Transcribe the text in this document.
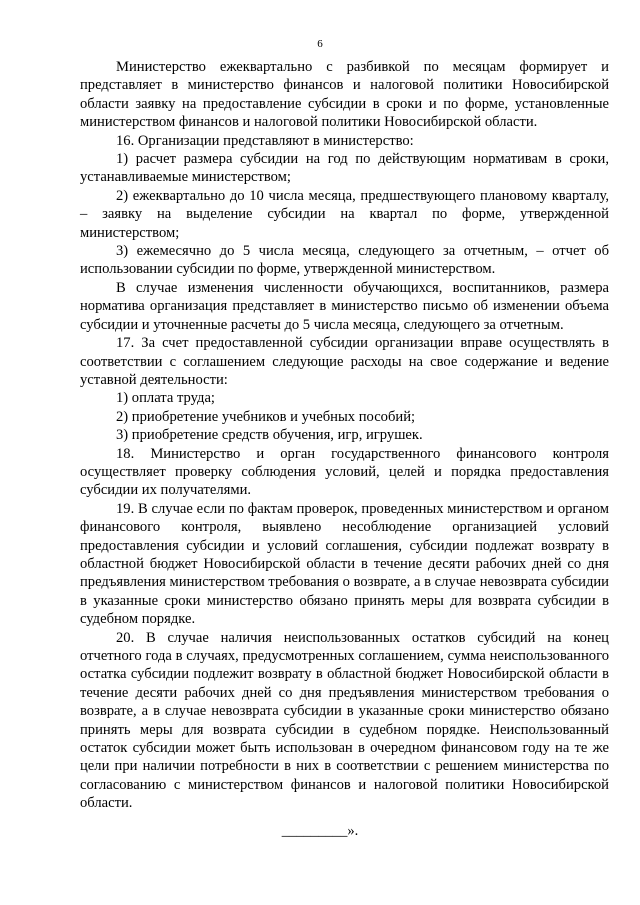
6

Министерство ежеквартально с разбивкой по месяцам формирует и представляет в министерство финансов и налоговой политики Новосибирской области заявку на предоставление субсидии в сроки и по форме, установленные министерством финансов и налоговой политики Новосибирской области.

16. Организации представляют в министерство:

1) расчет размера субсидии на год по действующим нормативам в сроки, устанавливаемые министерством;

2) ежеквартально до 10 числа месяца, предшествующего плановому кварталу, – заявку на выделение субсидии на квартал по форме, утвержденной министерством;

3) ежемесячно до 5 числа месяца, следующего за отчетным, – отчет об использовании субсидии по форме, утвержденной министерством.

В случае изменения численности обучающихся, воспитанников, размера норматива организация представляет в министерство письмо об изменении объема субсидии и уточненные расчеты до 5 числа месяца, следующего за отчетным.

17. За счет предоставленной субсидии организации вправе осуществлять в соответствии с соглашением следующие расходы на свое содержание и ведение уставной деятельности:

1) оплата труда;

2) приобретение учебников и учебных пособий;

3) приобретение средств обучения, игр, игрушек.

18. Министерство и орган государственного финансового контроля осуществляет проверку соблюдения условий, целей и порядка предоставления субсидии их получателями.

19. В случае если по фактам проверок, проведенных министерством и органом финансового контроля, выявлено несоблюдение организацией условий предоставления субсидии и условий соглашения, субсидии подлежат возврату в областной бюджет Новосибирской области в течение десяти рабочих дней со дня предъявления министерством требования о возврате, а в случае невозврата субсидии в указанные сроки министерство обязано принять меры для возврата субсидии в судебном порядке.

20. В случае наличия неиспользованных остатков субсидий на конец отчетного года в случаях, предусмотренных соглашением, сумма неиспользованного остатка субсидии подлежит возврату в областной бюджет Новосибирской области в течение десяти рабочих дней со дня предъявления министерством требования о возврате, а в случае невозврата субсидии в указанные сроки министерство обязано принять меры для возврата субсидии в судебном порядке. Неиспользованный остаток субсидии может быть использован в очередном финансовом году на те же цели при наличии потребности в них в соответствии с решением министерства по согласованию с министерством финансов и налоговой политики Новосибирской области.

_________».
